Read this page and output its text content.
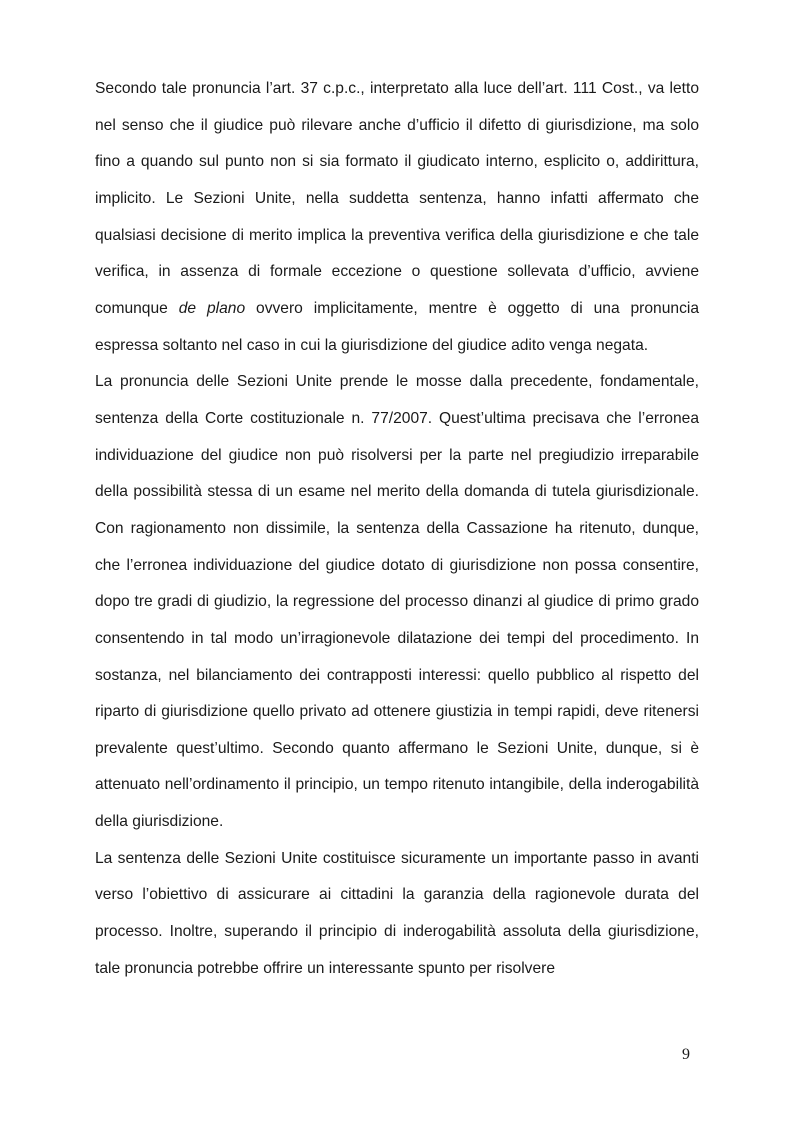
Secondo tale pronuncia l’art. 37 c.p.c., interpretato alla luce dell’art. 111 Cost., va letto nel senso che il giudice può rilevare anche d’ufficio il difetto di giurisdizione, ma solo fino a quando sul punto non si sia formato il giudicato interno, esplicito o, addirittura, implicito. Le Sezioni Unite, nella suddetta sentenza, hanno infatti affermato che qualsiasi decisione di merito implica la preventiva verifica della giurisdizione e che tale verifica, in assenza di formale eccezione o questione sollevata d’ufficio, avviene comunque de plano ovvero implicitamente, mentre è oggetto di una pronuncia espressa soltanto nel caso in cui la giurisdizione del giudice adito venga negata.

La pronuncia delle Sezioni Unite prende le mosse dalla precedente, fondamentale, sentenza della Corte costituzionale n. 77/2007. Quest’ultima precisava che l’erronea individuazione del giudice non può risolversi per la parte nel pregiudizio irreparabile della possibilità stessa di un esame nel merito della domanda di tutela giurisdizionale. Con ragionamento non dissimile, la sentenza della Cassazione ha ritenuto, dunque, che l’erronea individuazione del giudice dotato di giurisdizione non possa consentire, dopo tre gradi di giudizio, la regressione del processo dinanzi al giudice di primo grado consentendo in tal modo un’irragionevole dilatazione dei tempi del procedimento. In sostanza, nel bilanciamento dei contrapposti interessi: quello pubblico al rispetto del riparto di giurisdizione quello privato ad ottenere giustizia in tempi rapidi, deve ritenersi prevalente quest’ultimo. Secondo quanto affermano le Sezioni Unite, dunque, si è attenuato nell’ordinamento il principio, un tempo ritenuto intangibile, della inderogabilità della giurisdizione.

La sentenza delle Sezioni Unite costituisce sicuramente un importante passo in avanti verso l’obiettivo di assicurare ai cittadini la garanzia della ragionevole durata del processo. Inoltre, superando il principio di inderogabilità assoluta della giurisdizione, tale pronuncia potrebbe offrire un interessante spunto per risolvere

9
